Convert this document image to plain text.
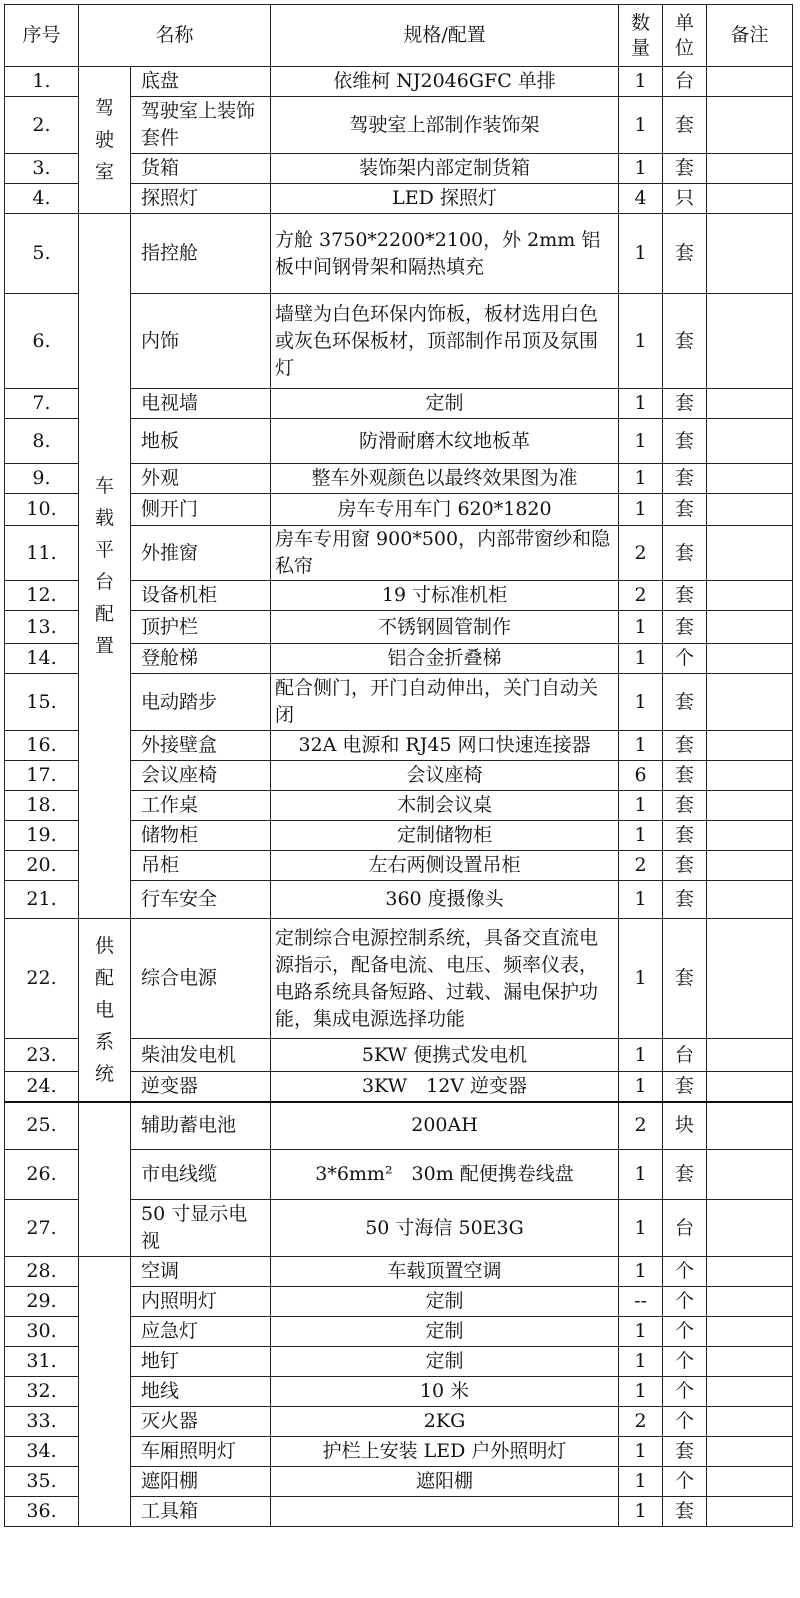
序号	名称		规格/配置	数量	单位	备注
1.	驾驶室	底盘	依维柯 NJ2046GFC 单排	1	台	
2.		驾驶室上装饰套件	驾驶室上部制作装饰架	1	套	
3.		货箱	装饰架内部定制货箱	1	套	
4.		探照灯	LED 探照灯	4	只	
5.	车载平台配置	指控舱	方舱 3750*2200*2100，外 2mm 铝板中间钢骨架和隔热填充	1	套	
6.		内饰	墙壁为白色环保内饰板，板材选用白色或灰色环保板材，顶部制作吊顶及氛围灯	1	套	
7.		电视墙	定制	1	套	
8.		地板	防滑耐磨木纹地板革	1	套	
9.		外观	整车外观颜色以最终效果图为准	1	套	
10.		侧开门	房车专用车门 620*1820	1	套	
11.		外推窗	房车专用窗 900*500，内部带窗纱和隐私帘	2	套	
12.		设备机柜	19 寸标准机柜	2	套	
13.		顶护栏	不锈钢圆管制作	1	套	
14.		登舱梯	铝合金折叠梯	1	个	
15.		电动踏步	配合侧门，开门自动伸出，关门自动关闭	1	套	
16.		外接壁盒	32A 电源和 RJ45 网口快速连接器	1	套	
17.		会议座椅	会议座椅	6	套	
18.		工作桌	木制会议桌	1	套	
19.		储物柜	定制储物柜	1	套	
20.		吊柜	左右两侧设置吊柜	2	套	
21.		行车安全	360 度摄像头	1	套	
22.	供配电系统	综合电源	定制综合电源控制系统，具备交直流电源指示，配备电流、电压、频率仪表，电路系统具备短路、过载、漏电保护功能，集成电源选择功能	1	套	
23.		柴油发电机	5KW 便携式发电机	1	台	
24.		逆变器	3KW　12V 逆变器	1	套	
25.		辅助蓄电池	200AH	2	块	
26.		市电线缆	3*6mm²　30m 配便携卷线盘	1	套	
27.		50 寸显示电视	50 寸海信 50E3G	1	台	
28.		空调	车载顶置空调	1	个	
29.		内照明灯	定制	--	个	
30.		应急灯	定制	1	个	
31.		地钉	定制	1	个	
32.		地线	10 米	1	个	
33.		灭火器	2KG	2	个	
34.		车厢照明灯	护栏上安装 LED 户外照明灯	1	套	
35.		遮阳棚	遮阳棚	1	个	
36.		工具箱		1	套	
